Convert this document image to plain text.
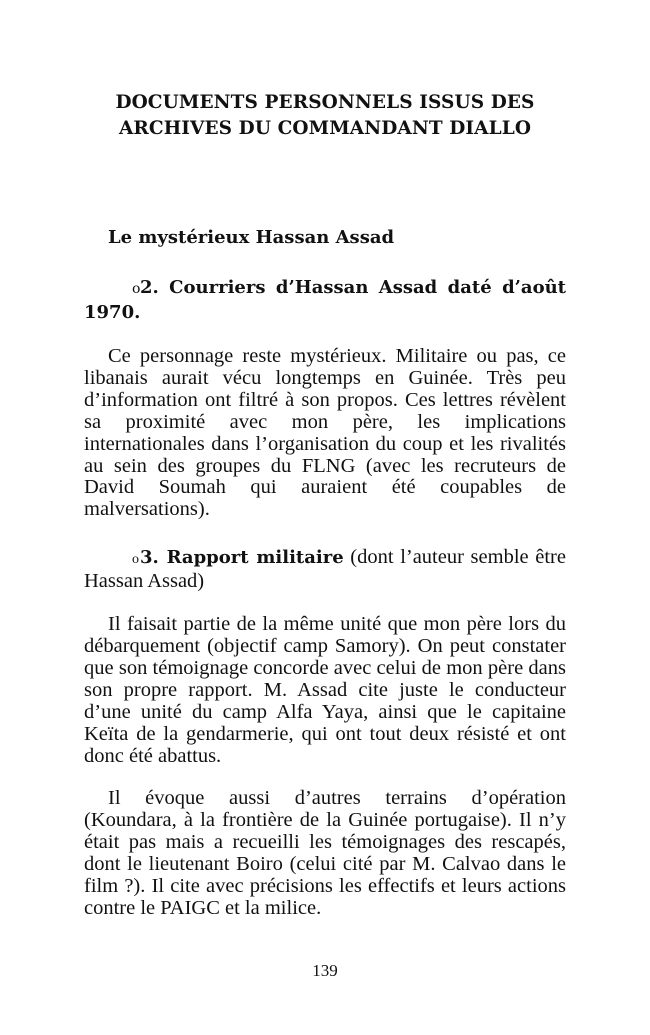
DOCUMENTS PERSONNELS ISSUS DES
ARCHIVES DU COMMANDANT DIALLO
Le mystérieux Hassan Assad
o2. Courriers d’Hassan Assad daté d’août 1970.

Ce personnage reste mystérieux. Militaire ou pas, ce libanais aurait vécu longtemps en Guinée. Très peu d’information ont filtré à son propos. Ces lettres révèlent sa proximité avec mon père, les implications internationales dans l’organisation du coup et les rivalités au sein des groupes du FLNG (avec les recruteurs de David Soumah qui auraient été coupables de malversations).

o3. Rapport militaire (dont l’auteur semble être Hassan Assad)

Il faisait partie de la même unité que mon père lors du débarquement (objectif camp Samory). On peut constater que son témoignage concorde avec celui de mon père dans son propre rapport. M. Assad cite juste le conducteur d’une unité du camp Alfa Yaya, ainsi que le capitaine Keïta de la gendarmerie, qui ont tout deux résisté et ont donc été abattus.

Il évoque aussi d’autres terrains d’opération (Koundara, à la frontière de la Guinée portugaise). Il n’y était pas mais a recueilli les témoignages des rescapés, dont le lieutenant Boiro (celui cité par M. Calvao dans le film ?). Il cite avec précisions les effectifs et leurs actions contre le PAIGC et la milice.

139
